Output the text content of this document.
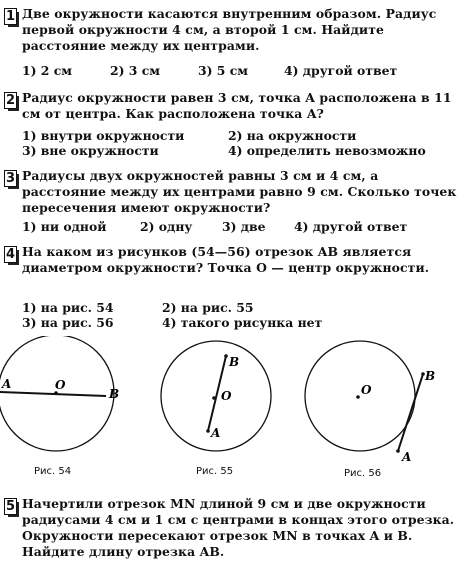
1 Две окружности касаются внутренним образом. Радиус первой окружности 4 см, а второй 1 см. Найдите расстояние между их центрами.
1) 2 см	2) 3 см	3) 5 см	4) другой ответ
2 Радиус окружности равен 3 см, точка A расположена в 11 см от центра. Как расположена точка A?
1) внутри окружности	2) на окружности
3) вне окружности	4) определить невозможно
3 Радиусы двух окружностей равны 3 см и 4 см, а расстояние между их центрами равно 9 см. Сколько точек пересечения имеют окружности?
1) ни одной	2) одну 3) две 4) другой ответ
4 На каком из рисунков (54—56) отрезок AB является диаметром окружности? Точка O — центр окружности.
1) на рис. 54	2) на рис. 55
3) на рис. 56	4) такого рисунка нет
A	O
B
B
O
A
O
B
A
Рис. 54	Рис. 55	Рис. 56
5 Начертили отрезок MN длиной 9 см и две окружности радиусами 4 см и 1 см с центрами в концах этого отрезка. Окружности пересекают отрезок MN в точках A и B. Найдите длину отрезка AB.
